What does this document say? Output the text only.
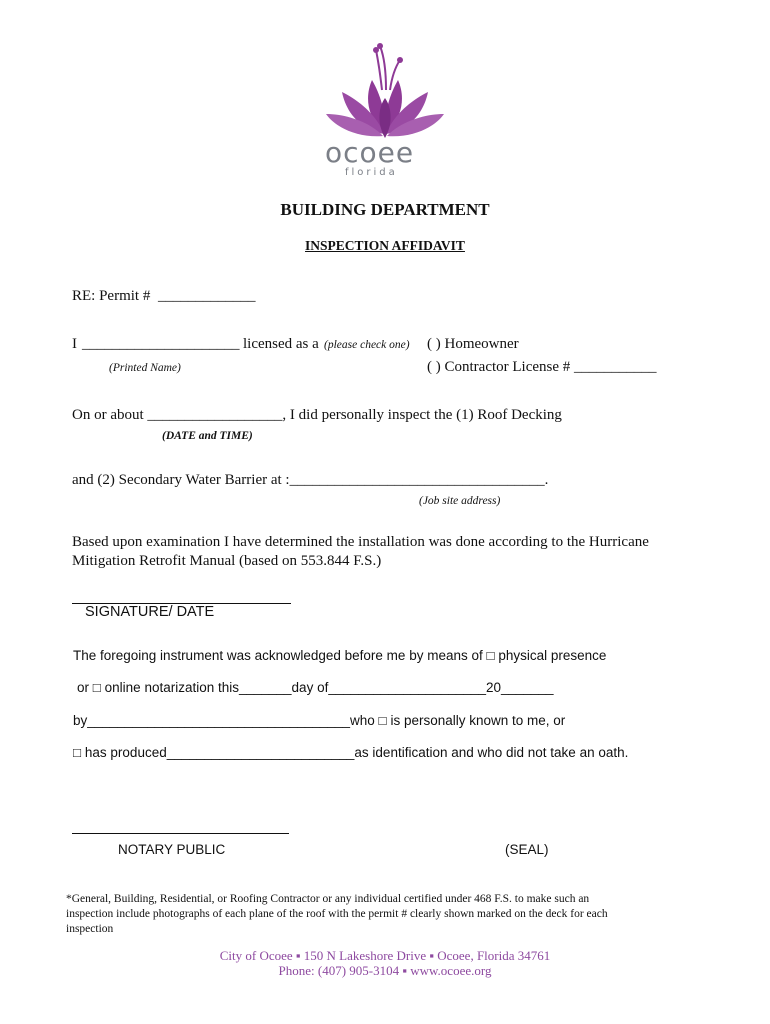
ocoee
florida
BUILDING DEPARTMENT
INSPECTION AFFIDAVIT
RE: Permit # _____________
I _____________________ licensed as a (please check one) ( ) Homeowner
(Printed Name)	( ) Contractor License # ___________
On or about __________________, I did personally inspect the (1) Roof Decking
(DATE and TIME)
and (2) Secondary Water Barrier at :__________________________________.
(Job site address)
Based upon examination I have determined the installation was done according to the Hurricane
Mitigation Retrofit Manual (based on 553.844 F.S.)
SIGNATURE/ DATE
The foregoing instrument was acknowledged before me by means of □ physical presence
or □ online notarization this_______day of_____________________20_______
by___________________________________who □ is personally known to me, or
□ has produced_________________________as identification and who did not take an oath.
NOTARY PUBLIC	(SEAL)
*General, Building, Residential, or Roofing Contractor or any individual certified under 468 F.S. to make such an
inspection include photographs of each plane of the roof with the permit # clearly shown marked on the deck for each
inspection
City of Ocoee ▪ 150 N Lakeshore Drive ▪ Ocoee, Florida 34761
Phone: (407) 905-3104 ▪ www.ocoee.org
